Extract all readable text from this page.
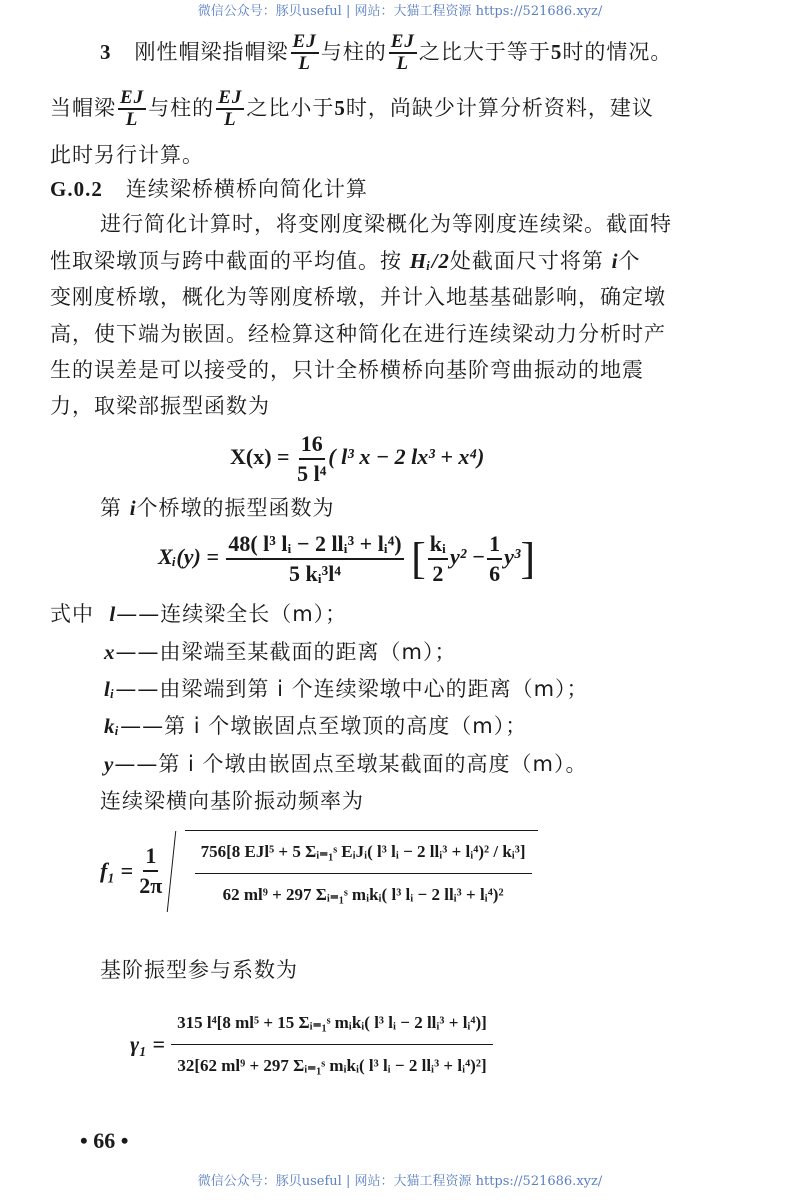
微信公众号：豚贝useful | 网站：大猫工程资源 https://521686.xyz/
3 刚性帽梁指帽梁 $\frac{EJ}{L}$ 与柱的 $\frac{EJ}{L}$ 之比大于等于5时的情况。
当帽梁 $\frac{EJ}{L}$ 与柱的 $\frac{EJ}{L}$ 之比小于5时，尚缺少计算分析资料，建议
此时另行计算。
G.0.2 连续梁桥横桥向简化计算
进行简化计算时，将变刚度梁概化为等刚度连续梁。截面特
性取梁墩顶与跨中截面的平均值。按 Hᵢ/2处截面尺寸将第 i个
变刚度桥墩，概化为等刚度桥墩，并计入地基基础影响，确定墩
高，使下端为嵌固。经检算这种简化在进行连续梁动力分析时产
生的误差是可以接受的，只计全桥横桥向基阶弯曲振动的地震
力，取梁部振型函数为
$X(x) = \frac{16}{\text{5 l⁴}}$ ( l³ x − 2 lx³ + x⁴)
第 i个桥墩的振型函数为
Xᵢ(y) =
48( l³ lᵢ − 2 llᵢ³ + lᵢ⁴)
5 kᵢ³l⁴ [ $\frac{\text{kᵢ}}{2} y^2 - \frac{1}{6} y^3$]
式中 l——连续梁全长（m）；
x——由梁端至某截面的距离（m）；
lᵢ——由梁端到第 i 个连续梁墩中心的距离（m）；
kᵢ——第 i 个墩嵌固点至墩顶的高度（m）；
y——第 i 个墩由嵌固点至墩某截面的高度（m）。
连续梁横向基阶振动频率为
$f_1 = \frac{1}{2\pi}$
	756[8 EJl⁵ + 5 Σᵢ₌₁ˢ EᵢJᵢ( l³ lᵢ − 2 llᵢ³ + lᵢ⁴)² / kᵢ³]
62 ml⁹ + 297 Σᵢ₌₁ˢ mᵢkᵢ( l³ lᵢ − 2 llᵢ³ + lᵢ⁴)²
基阶振型参与系数为
γ₁ =
315 l⁴[8 ml⁵ + 15 Σᵢ₌₁ˢ mᵢkᵢ( l³ lᵢ − 2 llᵢ³ + lᵢ⁴)]
32[62 ml⁹ + 297 Σᵢ₌₁ˢ mᵢkᵢ( l³ lᵢ − 2 llᵢ³ + lᵢ⁴)²]
• 66 •
微信公众号：豚贝useful | 网站：大猫工程资源 https://521686.xyz/
